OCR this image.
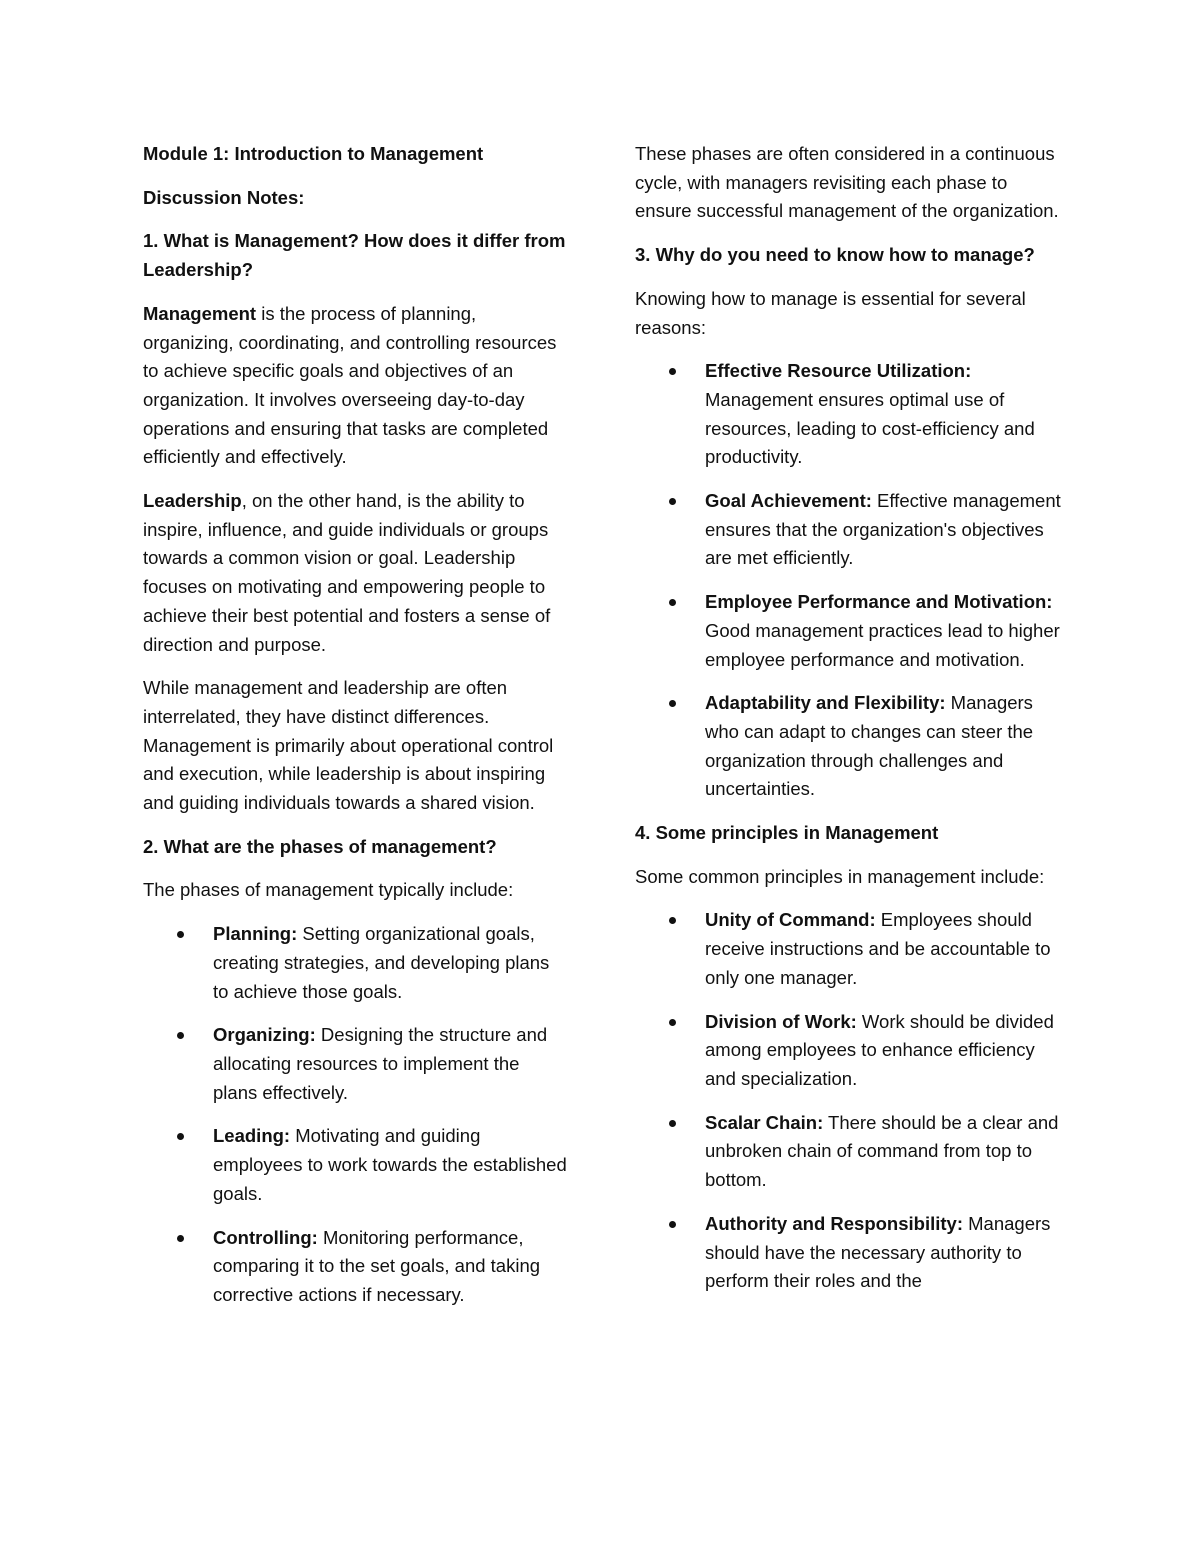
Module 1: Introduction to Management

Discussion Notes:

1. What is Management? How does it differ from Leadership?

Management is the process of planning, organizing, coordinating, and controlling resources to achieve specific goals and objectives of an organization. It involves overseeing day-to-day operations and ensuring that tasks are completed efficiently and effectively.

Leadership, on the other hand, is the ability to inspire, influence, and guide individuals or groups towards a common vision or goal. Leadership focuses on motivating and empowering people to achieve their best potential and fosters a sense of direction and purpose.

While management and leadership are often interrelated, they have distinct differences. Management is primarily about operational control and execution, while leadership is about inspiring and guiding individuals towards a shared vision.

2. What are the phases of management?

The phases of management typically include:

Planning: Setting organizational goals, creating strategies, and developing plans to achieve those goals.
Organizing: Designing the structure and allocating resources to implement the plans effectively.
Leading: Motivating and guiding employees to work towards the established goals.
Controlling: Monitoring performance, comparing it to the set goals, and taking corrective actions if necessary.

These phases are often considered in a continuous cycle, with managers revisiting each phase to ensure successful management of the organization.

3. Why do you need to know how to manage?

Knowing how to manage is essential for several reasons:

Effective Resource Utilization: Management ensures optimal use of resources, leading to cost-efficiency and productivity.
Goal Achievement: Effective management ensures that the organization's objectives are met efficiently.
Employee Performance and Motivation: Good management practices lead to higher employee performance and motivation.
Adaptability and Flexibility: Managers who can adapt to changes can steer the organization through challenges and uncertainties.

4. Some principles in Management

Some common principles in management include:

Unity of Command: Employees should receive instructions and be accountable to only one manager.
Division of Work: Work should be divided among employees to enhance efficiency and specialization.
Scalar Chain: There should be a clear and unbroken chain of command from top to bottom.
Authority and Responsibility: Managers should have the necessary authority to perform their roles and the
